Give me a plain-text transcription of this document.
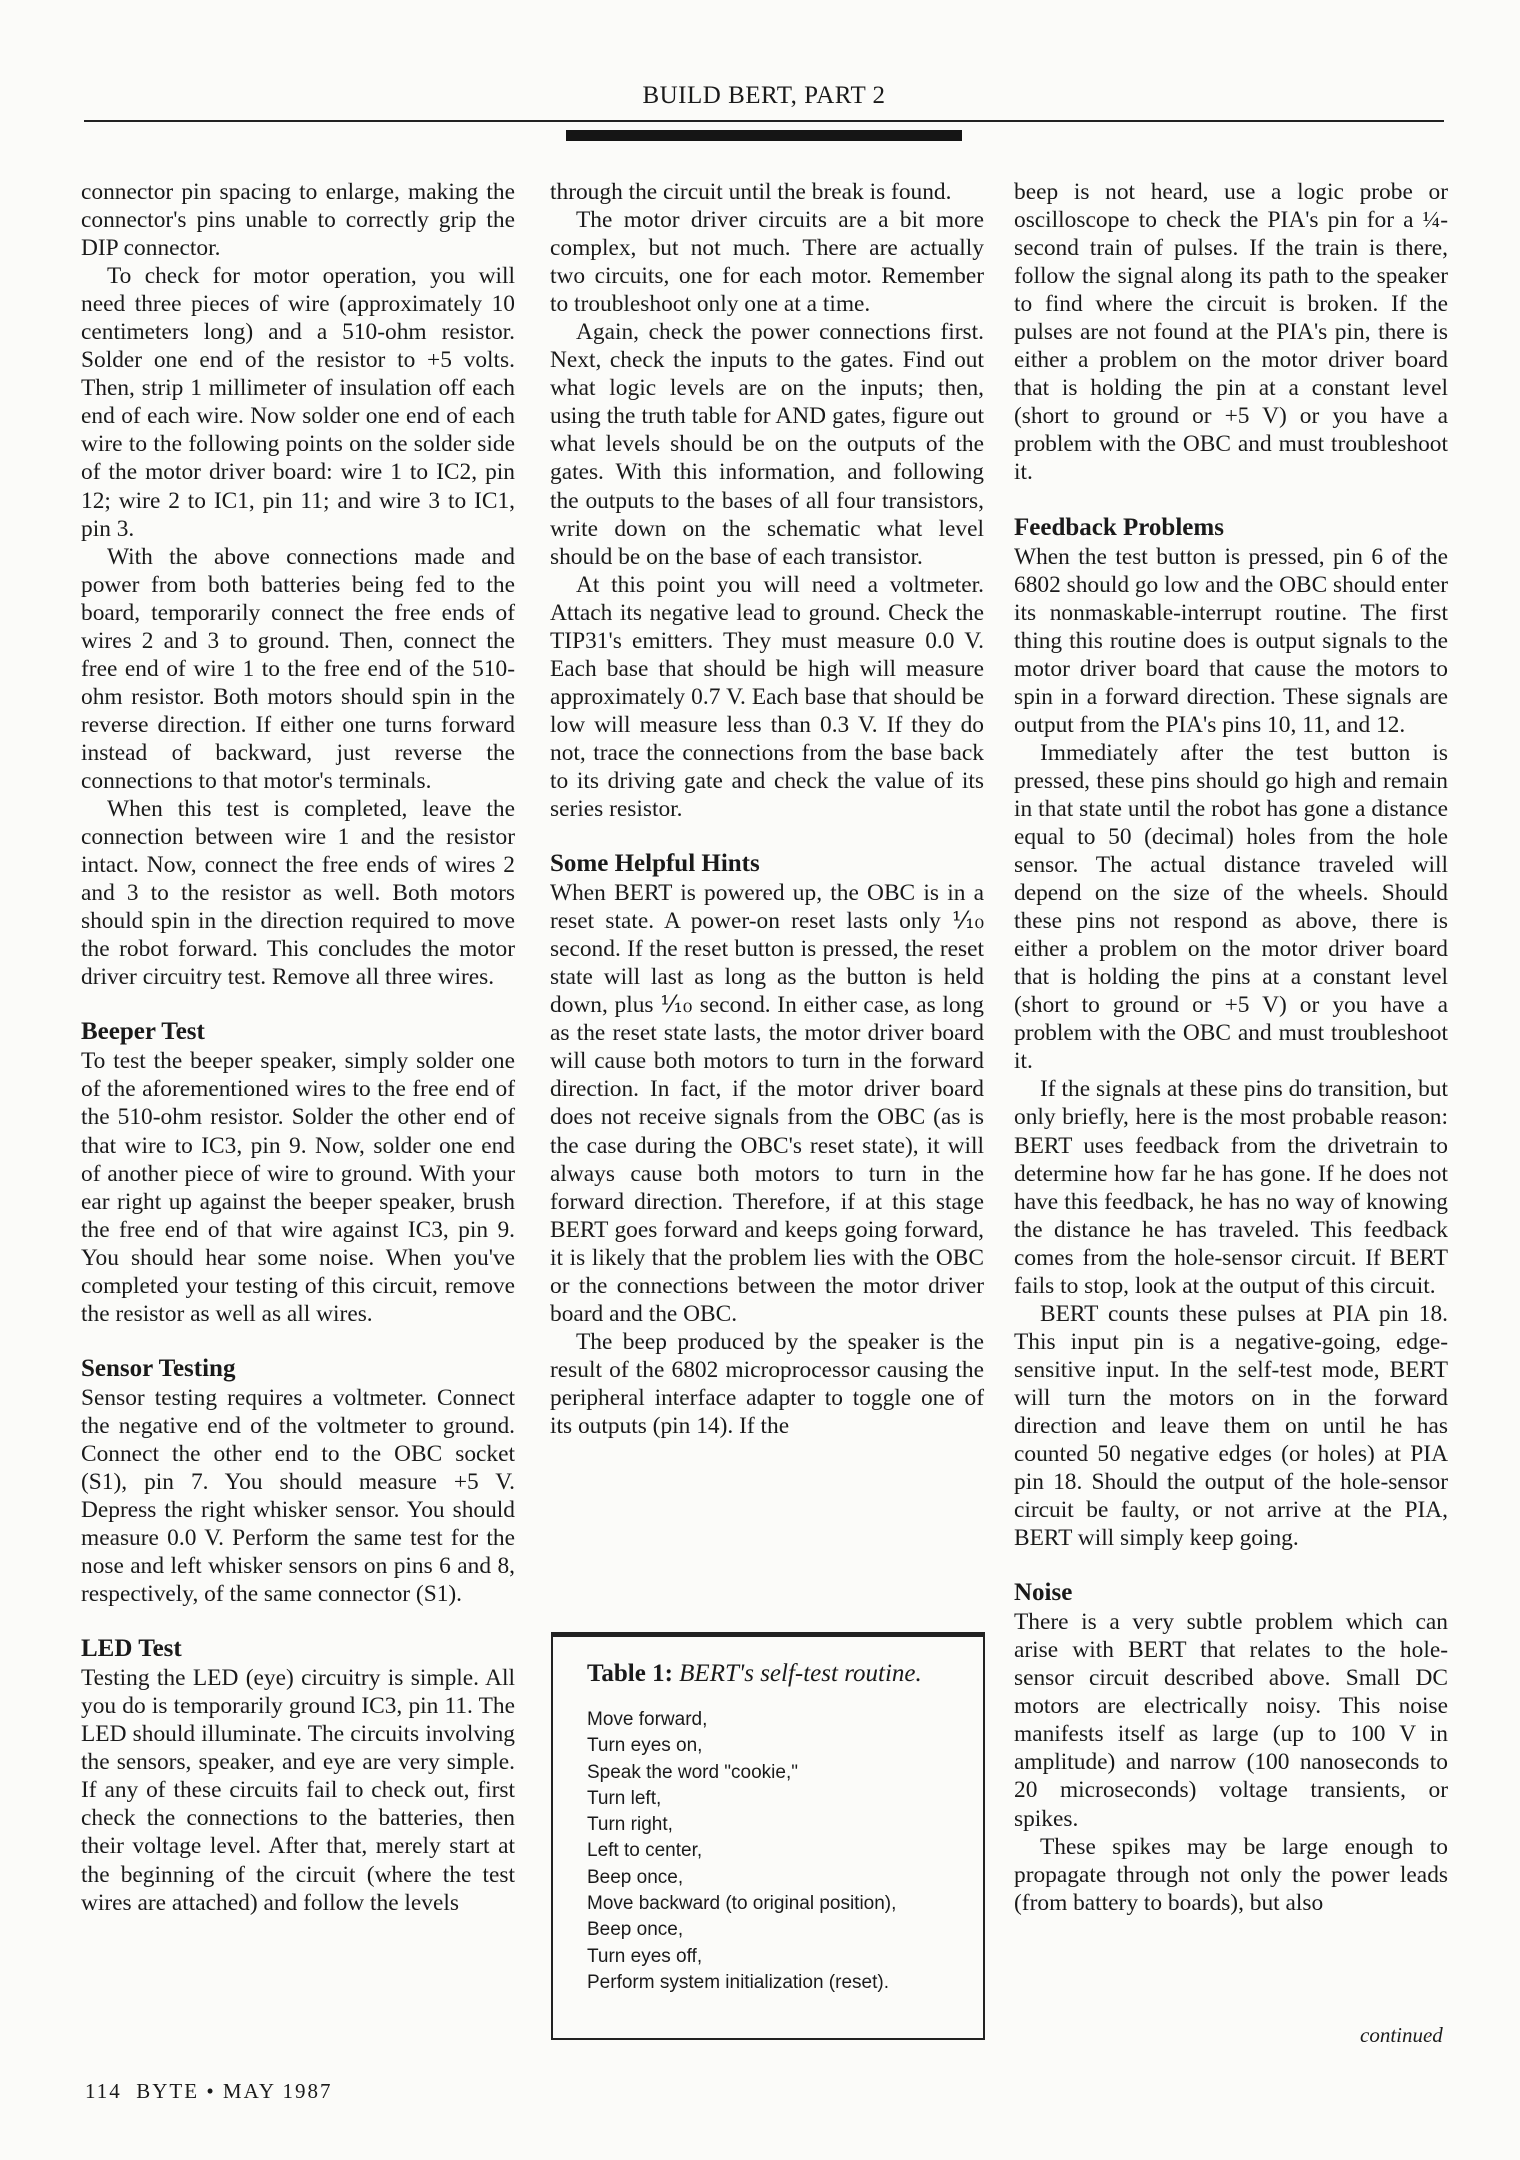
BUILD BERT, PART 2

connector pin spacing to enlarge, making the connector's pins unable to correctly grip the DIP connector.

To check for motor operation, you will need three pieces of wire (approximately 10 centimeters long) and a 510-ohm resistor. Solder one end of the resistor to +5 volts. Then, strip 1 millimeter of insulation off each end of each wire. Now solder one end of each wire to the following points on the solder side of the motor driver board: wire 1 to IC2, pin 12; wire 2 to IC1, pin 11; and wire 3 to IC1, pin 3.

With the above connections made and power from both batteries being fed to the board, temporarily connect the free ends of wires 2 and 3 to ground. Then, connect the free end of wire 1 to the free end of the 510-ohm resistor. Both motors should spin in the reverse direction. If either one turns forward instead of backward, just reverse the connections to that motor's terminals.

When this test is completed, leave the connection between wire 1 and the resistor intact. Now, connect the free ends of wires 2 and 3 to the resistor as well. Both motors should spin in the direction required to move the robot forward. This concludes the motor driver circuitry test. Remove all three wires.

Beeper Test

To test the beeper speaker, simply solder one of the aforementioned wires to the free end of the 510-ohm resistor. Solder the other end of that wire to IC3, pin 9. Now, solder one end of another piece of wire to ground. With your ear right up against the beeper speaker, brush the free end of that wire against IC3, pin 9. You should hear some noise. When you've completed your testing of this circuit, remove the resistor as well as all wires.

Sensor Testing

Sensor testing requires a voltmeter. Connect the negative end of the voltmeter to ground. Connect the other end to the OBC socket (S1), pin 7. You should measure +5 V. Depress the right whisker sensor. You should measure 0.0 V. Perform the same test for the nose and left whisker sensors on pins 6 and 8, respectively, of the same connector (S1).

LED Test

Testing the LED (eye) circuitry is simple. All you do is temporarily ground IC3, pin 11. The LED should illuminate. The circuits involving the sensors, speaker, and eye are very simple. If any of these circuits fail to check out, first check the connections to the batteries, then their voltage level. After that, merely start at the beginning of the circuit (where the test wires are attached) and follow the levels

through the circuit until the break is found.

The motor driver circuits are a bit more complex, but not much. There are actually two circuits, one for each motor. Remember to troubleshoot only one at a time.

Again, check the power connections first. Next, check the inputs to the gates. Find out what logic levels are on the inputs; then, using the truth table for AND gates, figure out what levels should be on the outputs of the gates. With this information, and following the outputs to the bases of all four transistors, write down on the schematic what level should be on the base of each transistor.

At this point you will need a voltmeter. Attach its negative lead to ground. Check the TIP31's emitters. They must measure 0.0 V. Each base that should be high will measure approximately 0.7 V. Each base that should be low will measure less than 0.3 V. If they do not, trace the connections from the base back to its driving gate and check the value of its series resistor.

Some Helpful Hints

When BERT is powered up, the OBC is in a reset state. A power-on reset lasts only ⅒ second. If the reset button is pressed, the reset state will last as long as the button is held down, plus ⅒ second. In either case, as long as the reset state lasts, the motor driver board will cause both motors to turn in the forward direction. In fact, if the motor driver board does not receive signals from the OBC (as is the case during the OBC's reset state), it will always cause both motors to turn in the forward direction. Therefore, if at this stage BERT goes forward and keeps going forward, it is likely that the problem lies with the OBC or the connections between the motor driver board and the OBC.

The beep produced by the speaker is the result of the 6802 microprocessor causing the peripheral interface adapter to toggle one of its outputs (pin 14). If the

beep is not heard, use a logic probe or oscilloscope to check the PIA's pin for a ¼-second train of pulses. If the train is there, follow the signal along its path to the speaker to find where the circuit is broken. If the pulses are not found at the PIA's pin, there is either a problem on the motor driver board that is holding the pin at a constant level (short to ground or +5 V) or you have a problem with the OBC and must troubleshoot it.

Feedback Problems

When the test button is pressed, pin 6 of the 6802 should go low and the OBC should enter its nonmaskable-interrupt routine. The first thing this routine does is output signals to the motor driver board that cause the motors to spin in a forward direction. These signals are output from the PIA's pins 10, 11, and 12.

Immediately after the test button is pressed, these pins should go high and remain in that state until the robot has gone a distance equal to 50 (decimal) holes from the hole sensor. The actual distance traveled will depend on the size of the wheels. Should these pins not respond as above, there is either a problem on the motor driver board that is holding the pins at a constant level (short to ground or +5 V) or you have a problem with the OBC and must troubleshoot it.

If the signals at these pins do transition, but only briefly, here is the most probable reason: BERT uses feedback from the drivetrain to determine how far he has gone. If he does not have this feedback, he has no way of knowing the distance he has traveled. This feedback comes from the hole-sensor circuit. If BERT fails to stop, look at the output of this circuit.

BERT counts these pulses at PIA pin 18. This input pin is a negative-going, edge-sensitive input. In the self-test mode, BERT will turn the motors on in the forward direction and leave them on until he has counted 50 negative edges (or holes) at PIA pin 18. Should the output of the hole-sensor circuit be faulty, or not arrive at the PIA, BERT will simply keep going.

Noise

There is a very subtle problem which can arise with BERT that relates to the hole-sensor circuit described above. Small DC motors are electrically noisy. This noise manifests itself as large (up to 100 V in amplitude) and narrow (100 nanoseconds to 20 microseconds) voltage transients, or spikes.

These spikes may be large enough to propagate through not only the power leads (from battery to boards), but also

Table 1: BERT's self-test routine.
Move forward,
Turn eyes on,
Speak the word "cookie,"
Turn left,
Turn right,
Left to center,
Beep once,
Move backward (to original position),
Beep once,
Turn eyes off,
Perform system initialization (reset).
continued
114 BYTE • MAY 1987
